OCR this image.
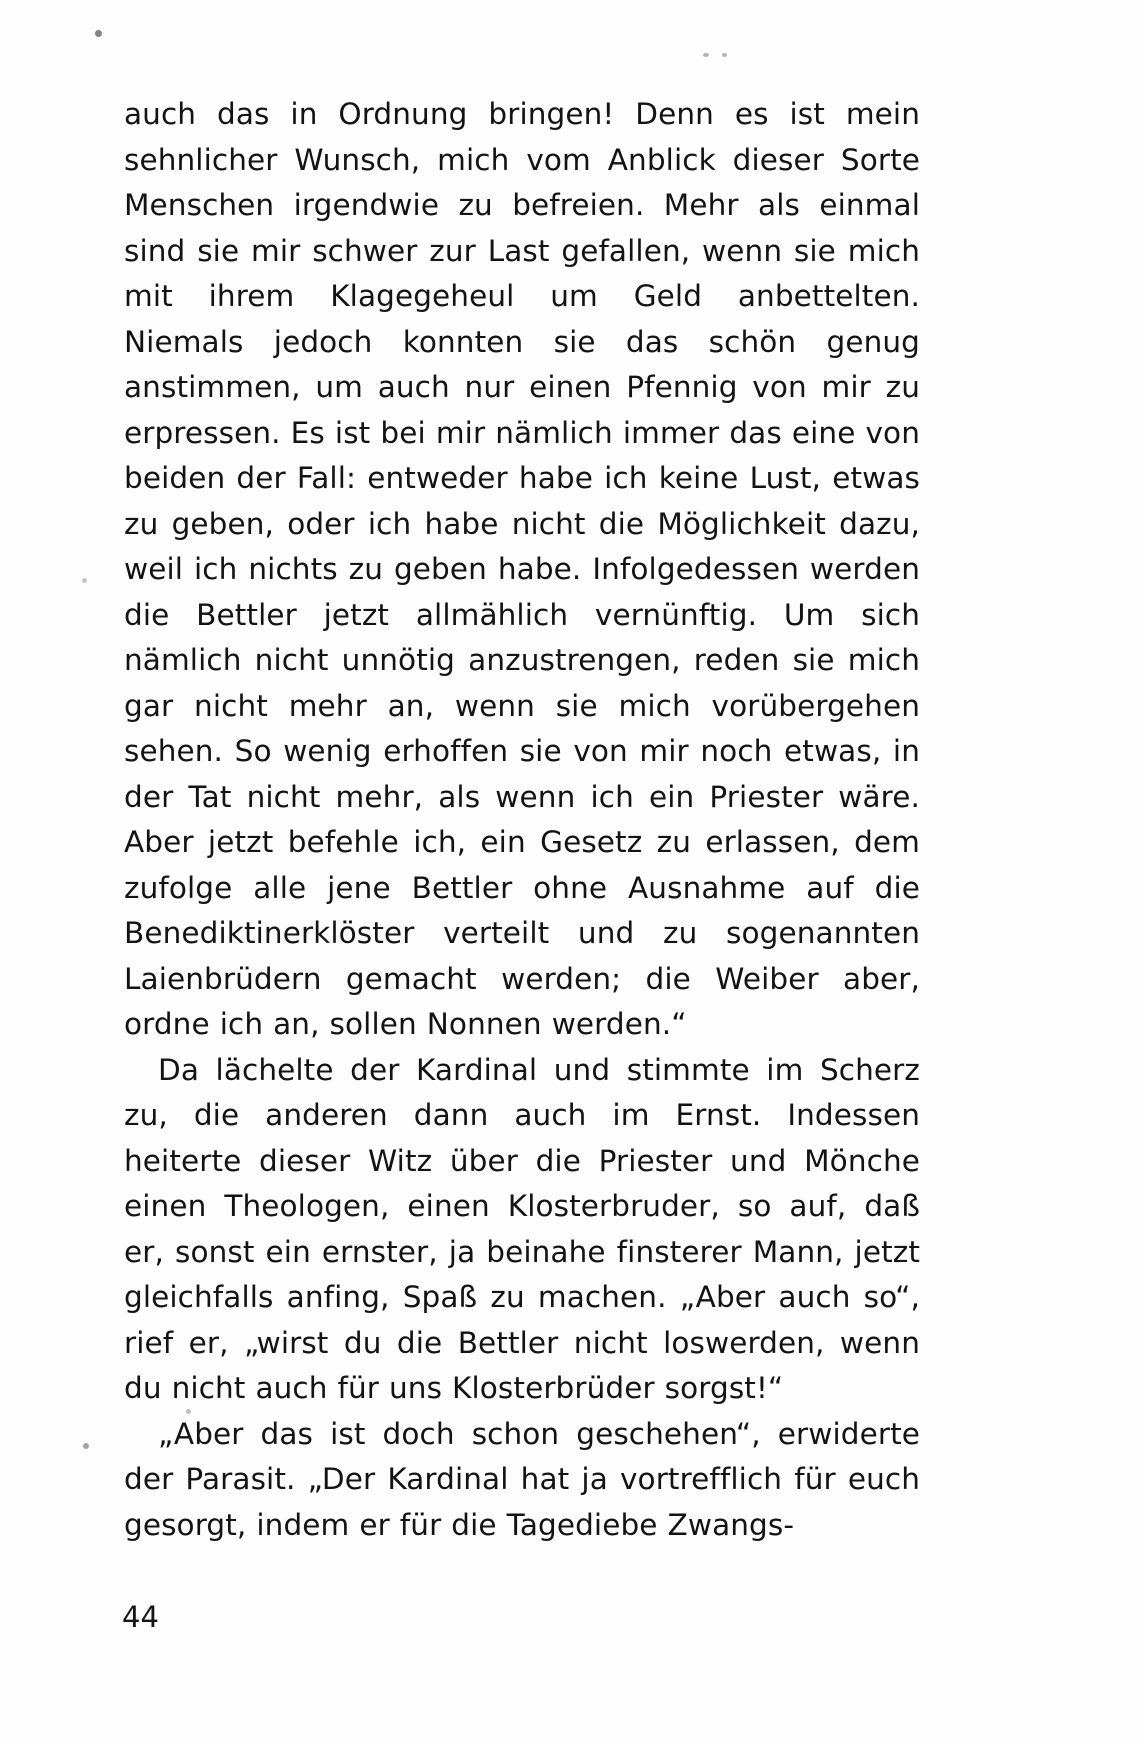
auch das in Ordnung bringen! Denn es ist mein sehnlicher Wunsch, mich vom Anblick dieser Sorte Menschen irgendwie zu befreien. Mehr als einmal sind sie mir schwer zur Last gefallen, wenn sie mich mit ihrem Klagegeheul um Geld anbettelten. Niemals jedoch konnten sie das schön genug anstimmen, um auch nur einen Pfennig von mir zu erpressen. Es ist bei mir nämlich immer das eine von beiden der Fall: entweder habe ich keine Lust, etwas zu geben, oder ich habe nicht die Möglichkeit dazu, weil ich nichts zu geben habe. Infolgedessen werden die Bettler jetzt allmählich vernünftig. Um sich nämlich nicht unnötig anzustrengen, reden sie mich gar nicht mehr an, wenn sie mich vorübergehen sehen. So wenig erhoffen sie von mir noch etwas, in der Tat nicht mehr, als wenn ich ein Priester wäre. Aber jetzt befehle ich, ein Gesetz zu erlassen, dem zufolge alle jene Bettler ohne Ausnahme auf die Benediktinerklöster verteilt und zu sogenannten Laienbrüdern gemacht werden; die Weiber aber, ordne ich an, sollen Nonnen werden.“

Da lächelte der Kardinal und stimmte im Scherz zu, die anderen dann auch im Ernst. Indessen heiterte dieser Witz über die Priester und Mönche einen Theologen, einen Klosterbruder, so auf, daß er, sonst ein ernster, ja beinahe finsterer Mann, jetzt gleichfalls anfing, Spaß zu machen. „Aber auch so“, rief er, „wirst du die Bettler nicht loswerden, wenn du nicht auch für uns Klosterbrüder sorgst!“

„Aber das ist doch schon geschehen“, erwiderte der Parasit. „Der Kardinal hat ja vortrefflich für euch gesorgt, indem er für die Tagediebe Zwangs-

44
